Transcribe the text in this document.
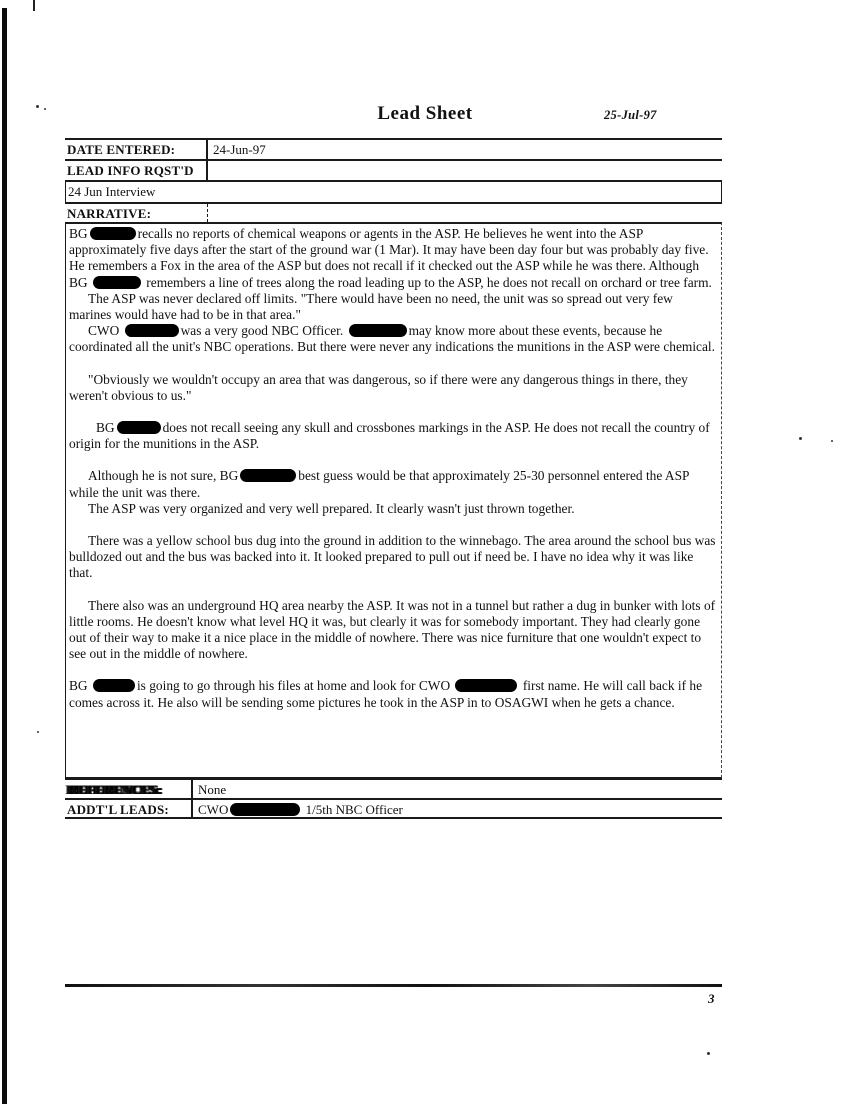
Lead Sheet	25-Jul-97
DATE ENTERED:	24-Jun-97
LEAD INFO RQST'D
24 Jun Interview
NARRATIVE:

BG	recalls no reports of chemical weapons or agents in the ASP. He believes he went into the ASP approximately five days after the start of the ground war (1 Mar). It may have been day four but was probably day five. He remembers a Fox in the area of the ASP but does not recall if it checked out the ASP while he was there. Although BG	remembers a line of trees along the road leading up to the ASP, he does not recall on orchard or tree farm.

The ASP was never declared off limits. "There would have been no need, the unit was so spread out very few marines would have had to be in that area."

CWO	was a very good NBC Officer.	may know more about these events, because he coordinated all the unit's NBC operations. But there were never any indications the munitions in the ASP were chemical.

"Obviously we wouldn't occupy an area that was dangerous, so if there were any dangerous things in there, they weren't obvious to us."

BG	does not recall seeing any skull and crossbones markings in the ASP. He does not recall the country of origin for the munitions in the ASP.

Although he is not sure, BG	best guess would be that approximately 25-30 personnel entered the ASP while the unit was there.

The ASP was very organized and very well prepared. It clearly wasn't just thrown together.

There was a yellow school bus dug into the ground in addition to the winnebago. The area around the school bus was bulldozed out and the bus was backed into it. It looked prepared to pull out if need be. I have no idea why it was like that.

There also was an underground HQ area nearby the ASP. It was not in a tunnel but rather a dug in bunker with lots of little rooms. He doesn't know what level HQ it was, but clearly it was for somebody important. They had clearly gone out of their way to make it a nice place in the middle of nowhere. There was nice furniture that one wouldn't expect to see out in the middle of nowhere.

BG	is going to go through his files at home and look for CWO	first name. He will call back if he comes across it. He also will be sending some pictures he took in the ASP in to OSAGWI when he gets a chance.

REFERENCES:	None
ADDT'L LEADS:	CWO	1/5th NBC Officer
3
